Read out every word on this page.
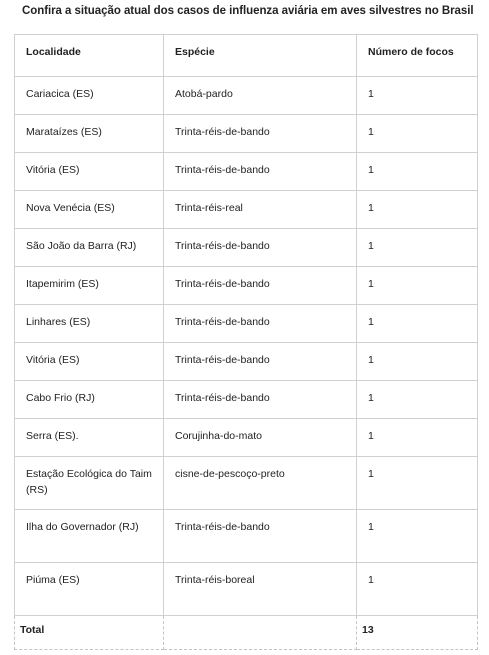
Confira a situação atual dos casos de influenza aviária em aves silvestres no Brasil
Localidade	Espécie	Número de focos
Cariacica (ES)	Atobá-pardo	1
Marataízes (ES)	Trinta-réis-de-bando	1
Vitória (ES)	Trinta-réis-de-bando	1
Nova Venécia (ES)	Trinta-réis-real	1
São João da Barra (RJ)	Trinta-réis-de-bando	1
Itapemirim (ES)	Trinta-réis-de-bando	1
Linhares (ES)	Trinta-réis-de-bando	1
Vitória (ES)	Trinta-réis-de-bando	1
Cabo Frio (RJ)	Trinta-réis-de-bando	1
Serra (ES).	Corujinha-do-mato	1
Estação Ecológica do Taim (RS)	cisne-de-pescoço-preto	1
Ilha do Governador (RJ)	Trinta-réis-de-bando	1
Piúma (ES)	Trinta-réis-boreal	1
Total		13
